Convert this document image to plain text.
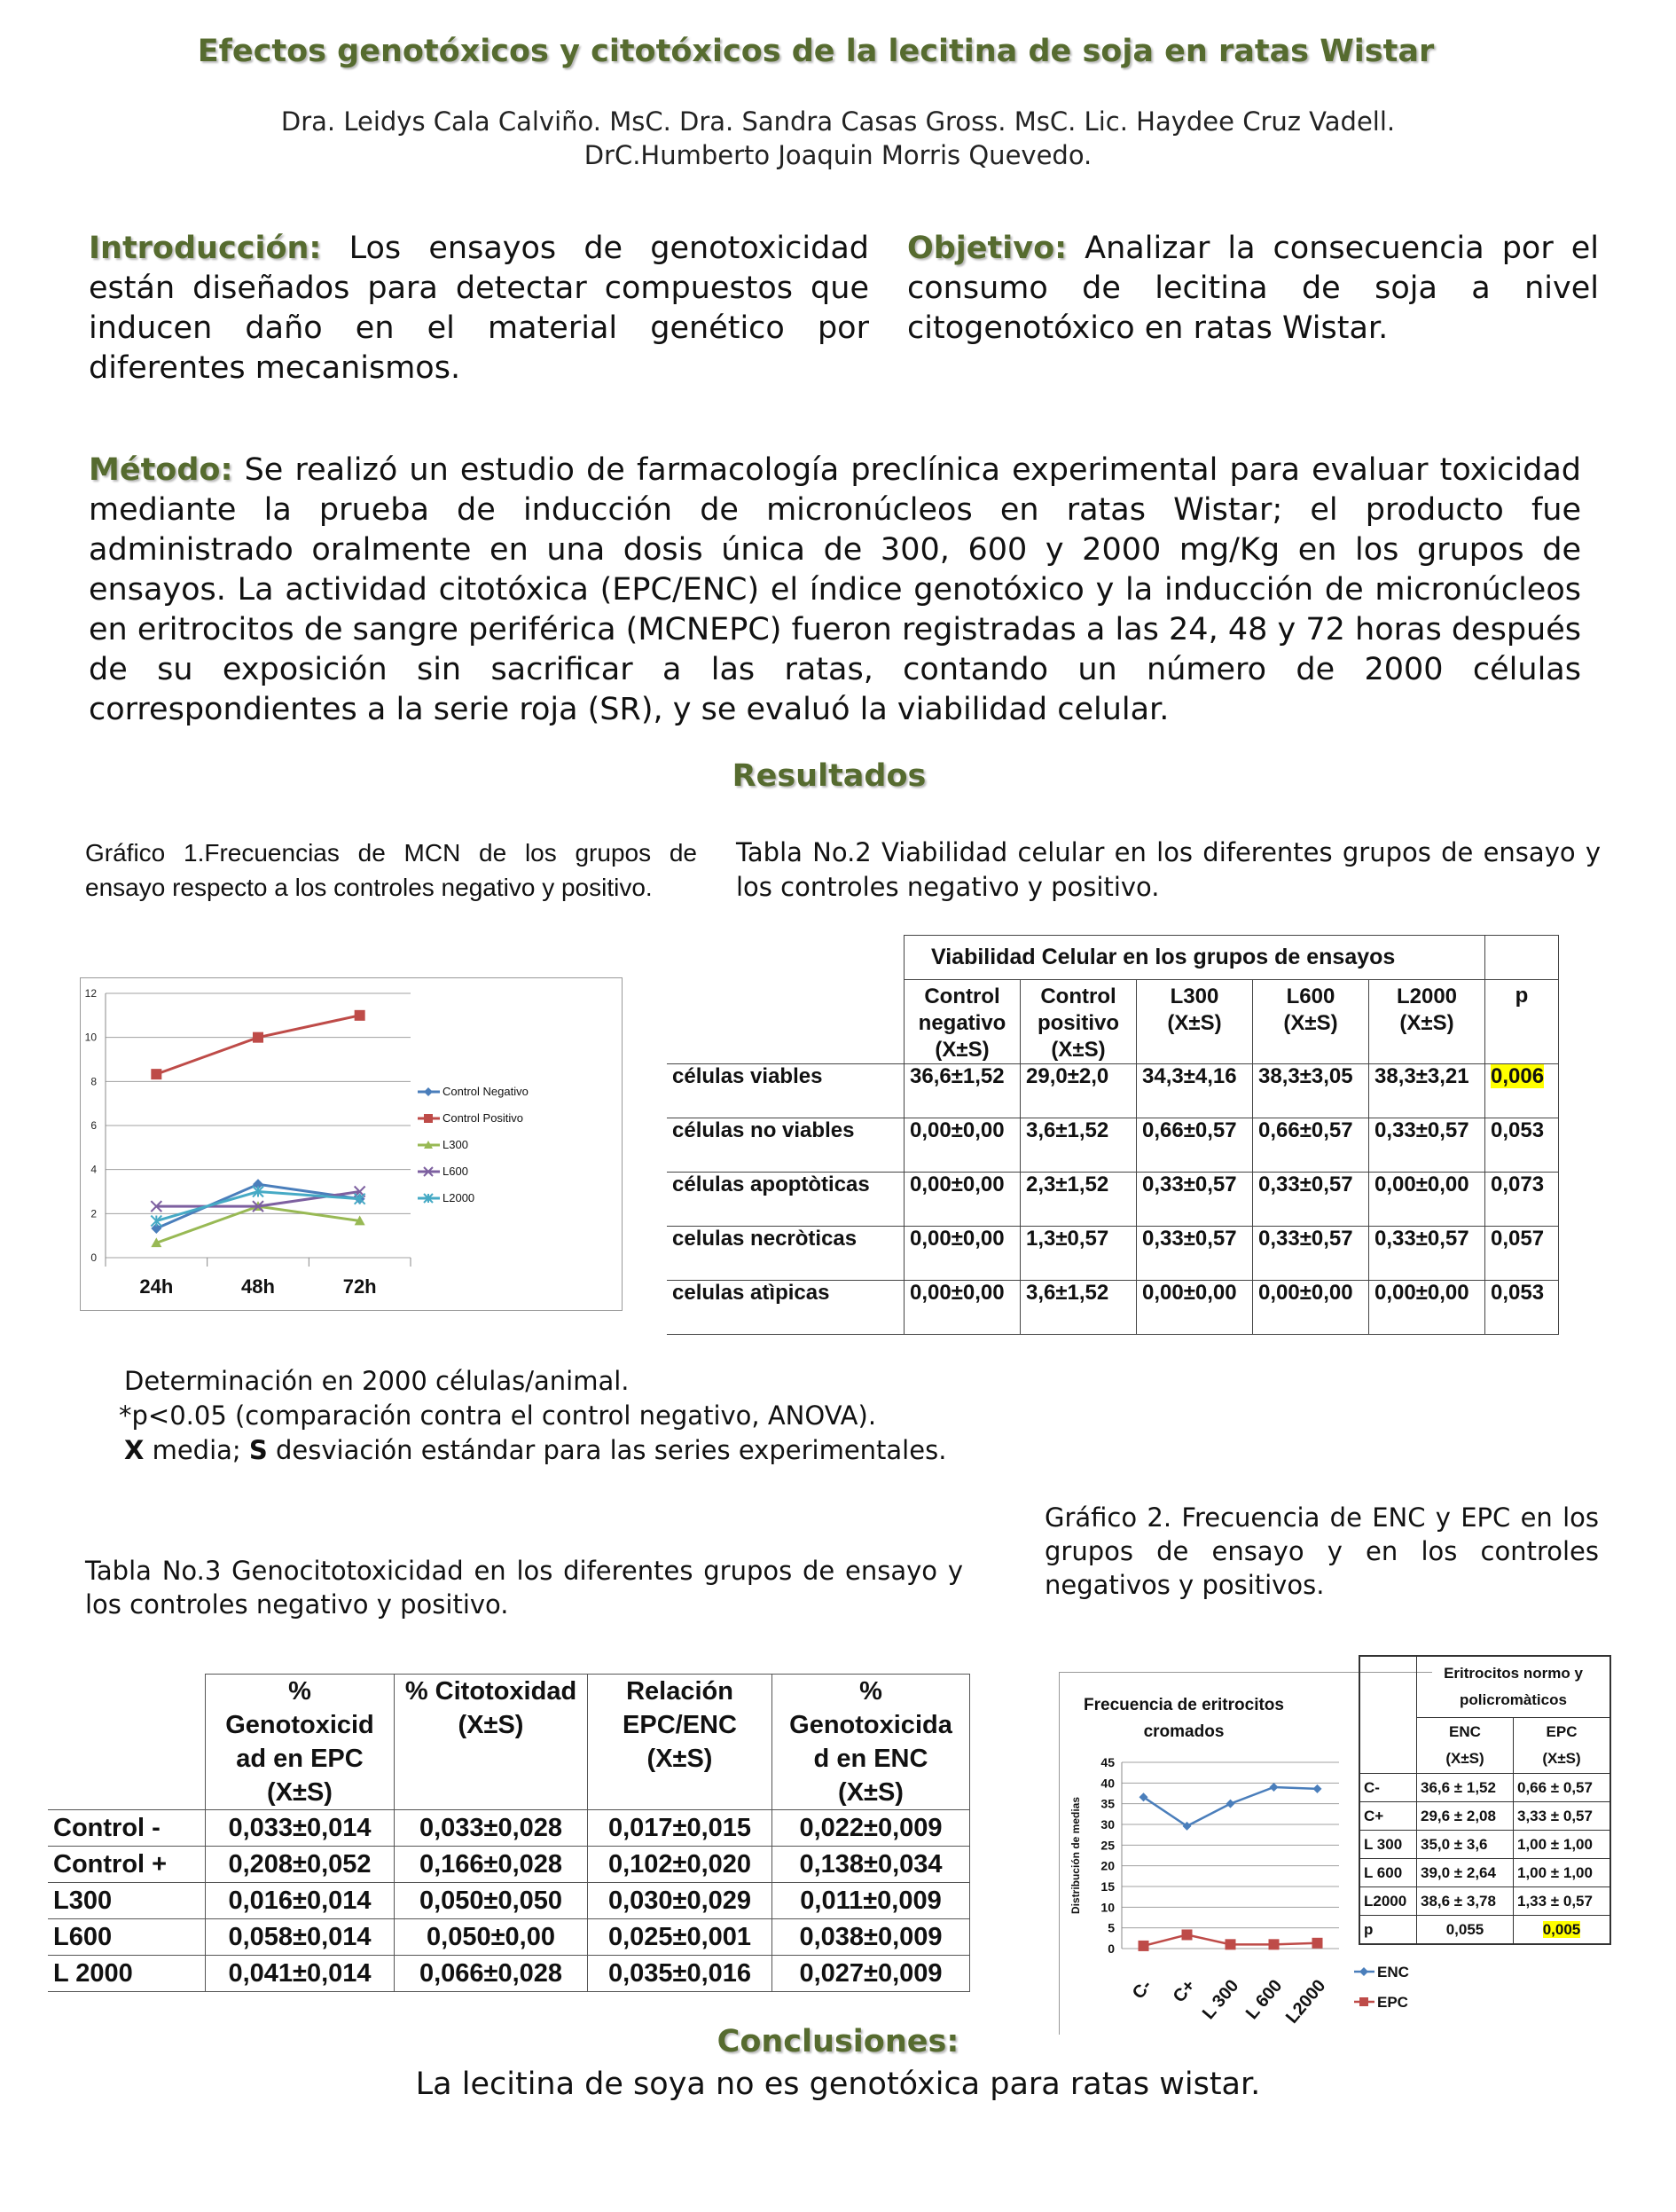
Efectos genotóxicos y citotóxicos de la lecitina de soja en ratas Wistar
Dra. Leidys Cala Calviño. MsC. Dra. Sandra Casas Gross. MsC. Lic. Haydee Cruz Vadell.
DrC.Humberto Joaquin Morris Quevedo.
Introducción: Los ensayos de genotoxicidad están diseñados para detectar compuestos que inducen daño en el material genético por diferentes mecanismos.
Objetivo: Analizar la consecuencia por el consumo de lecitina de soja a nivel citogenotóxico en ratas Wistar.
Método: Se realizó un estudio de farmacología preclínica experimental para evaluar toxicidad mediante la prueba de inducción de micronúcleos en ratas Wistar; el producto fue administrado oralmente en una dosis única de 300, 600 y 2000 mg/Kg en los grupos de ensayos. La actividad citotóxica (EPC/ENC) el índice genotóxico y la inducción de micronúcleos en eritrocitos de sangre periférica (MCNEPC) fueron registradas a las 24, 48 y 72 horas después de su exposición sin sacrificar a las ratas, contando un número de 2000 células correspondientes a la serie roja (SR), y se evaluó la viabilidad celular.
Resultados
Gráfico 1.Frecuencias de MCN de los grupos de ensayo respecto a los controles negativo y positivo.
Tabla No.2 Viabilidad celular en los diferentes grupos de ensayo y los controles negativo y positivo.
0
2
4
6
8
10
12
24h	48h	72h
Control Negativo
Control Positivo
L300
L600
L2000
	Viabilidad Celular en los grupos de ensayos					

Control
negativo
(X±S)

Control
positivo
(X±S)

L300
(X±S)

L600
(X±S)

L2000
(X±S)
	p
células viables	36,6±1,52	29,0±2,0	34,3±4,16	38,3±3,05	38,3±3,21	0,006
células no viables	0,00±0,00	3,6±1,52	0,66±0,57	0,66±0,57	0,33±0,57	0,053
células apoptòticas	0,00±0,00	2,3±1,52	0,33±0,57	0,33±0,57	0,00±0,00	0,073
celulas necròticas	0,00±0,00	1,3±0,57	0,33±0,57	0,33±0,57	0,33±0,57	0,057
celulas atìpicas	0,00±0,00	3,6±1,52	0,00±0,00	0,00±0,00	0,00±0,00	0,053
Determinación en 2000 células/animal.
*p<0.05 (comparación contra el control negativo, ANOVA).
X media; S desviación estándar para las series experimentales.
Tabla No.3 Genocitotoxicidad en los diferentes grupos de ensayo y los controles negativo y positivo.
Gráfico 2. Frecuencia de ENC y EPC en los grupos de ensayo y en los controles negativos y positivos.

%
Genotoxicid
ad en EPC
(X±S)

% Citotoxidad
(X±S)

Relación
EPC/ENC
(X±S)

%
Genotoxicida
d en ENC
(X±S)

Control -	0,033±0,014	0,033±0,028	0,017±0,015	0,022±0,009
Control +	0,208±0,052	0,166±0,028	0,102±0,020	0,138±0,034
L300	0,016±0,014	0,050±0,050	0,030±0,029	0,011±0,009
L600	0,058±0,014	0,050±0,00	0,025±0,001	0,038±0,009
L 2000	0,041±0,014	0,066±0,028	0,035±0,016	0,027±0,009
Frecuencia de eritrocitos
cromados
0
5
10
15
20
25
30
35
40
45
Distribución de medias
C- C+ L 300 L 600
L2000
ENC
EPC

	Eritrocitos normo y
policromàticos	

ENC
(X±S)

EPC
(X±S)

C-	36,6 ± 1,52	0,66 ± 0,57
C+	29,6 ± 2,08	3,33 ± 0,57
L 300	35,0 ± 3,6	1,00 ± 1,00
L 600	39,0 ± 2,64	1,00 ± 1,00
L2000	38,6 ± 3,78	1,33 ± 0,57
p	0,055	0,005
Conclusiones:
La lecitina de soya no es genotóxica para ratas wistar.
